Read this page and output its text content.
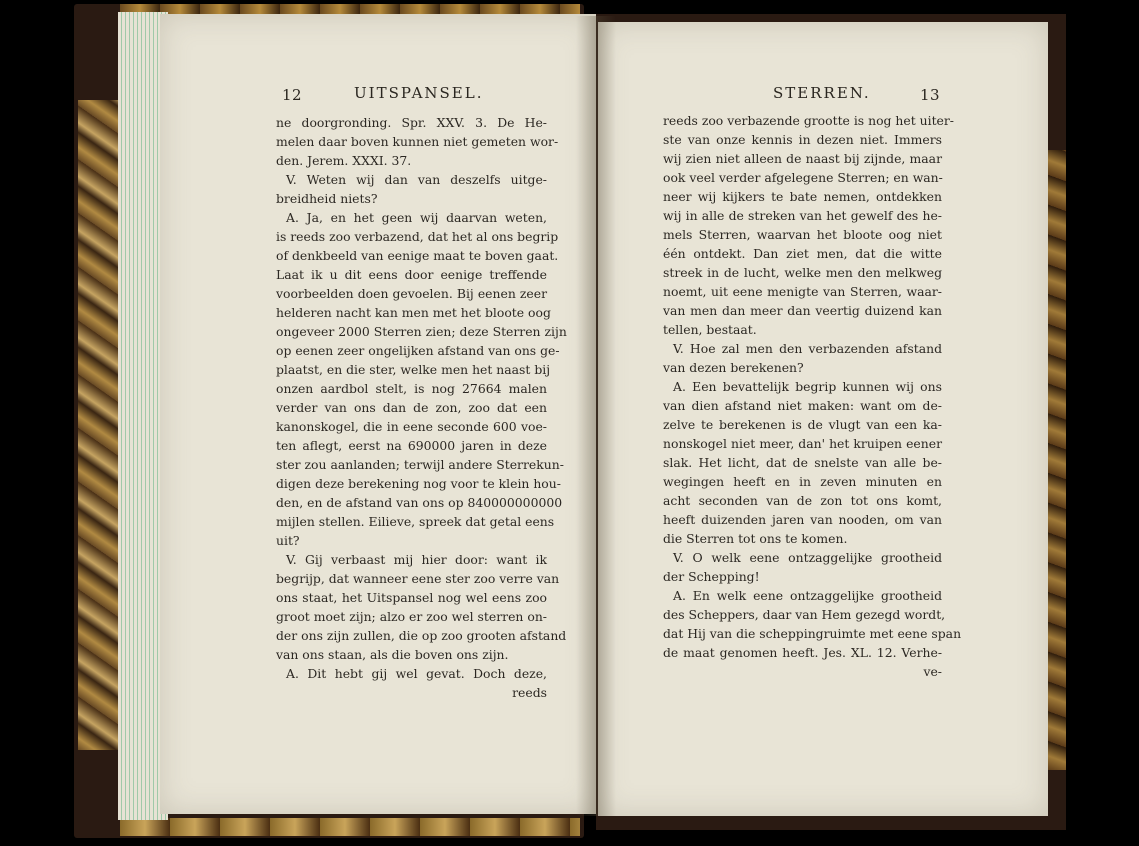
12	UITSPANSEL.	STERREN.	13
ne doorgronding. Spr. XXV. 3. De He-
melen daar boven kunnen niet gemeten wor-
den. Jerem. XXXI. 37.
V. Weten wij dan van deszelfs uitge-
breidheid niets?
A. Ja, en het geen wij daarvan weten,
is reeds zoo verbazend, dat het al ons begrip
of denkbeeld van eenige maat te boven gaat.
Laat ik u dit eens door eenige treffende
voorbeelden doen gevoelen. Bij eenen zeer
helderen nacht kan men met het bloote oog
ongeveer 2000 Sterren zien; deze Sterren zijn
op eenen zeer ongelijken afstand van ons ge-
plaatst, en die ster, welke men het naast bij
onzen aardbol stelt, is nog 27664 malen
verder van ons dan de zon, zoo dat een
kanonskogel, die in eene seconde 600 voe-
ten aflegt, eerst na 690000 jaren in deze
ster zou aanlanden; terwijl andere Sterrekun-
digen deze berekening nog voor te klein hou-
den, en de afstand van ons op 840000000000
mijlen stellen. Eilieve, spreek dat getal eens
uit?
V. Gij verbaast mij hier door: want ik
begrijp, dat wanneer eene ster zoo verre van
ons staat, het Uitspansel nog wel eens zoo
groot moet zijn; alzo er zoo wel sterren on-
der ons zijn zullen, die op zoo grooten afstand
van ons staan, als die boven ons zijn.
A. Dit hebt gij wel gevat. Doch deze,
reeds
reeds zoo verbazende grootte is nog het uiter-
ste van onze kennis in dezen niet. Immers
wij zien niet alleen de naast bij zijnde, maar
ook veel verder afgelegene Sterren; en wan-
neer wij kijkers te bate nemen, ontdekken
wij in alle de streken van het gewelf des he-
mels Sterren, waarvan het bloote oog niet
één ontdekt. Dan ziet men, dat die witte
streek in de lucht, welke men den melkweg
noemt, uit eene menigte van Sterren, waar-
van men dan meer dan veertig duizend kan
tellen, bestaat.
V. Hoe zal men den verbazenden afstand
van dezen berekenen?
A. Een bevattelijk begrip kunnen wij ons
van dien afstand niet maken: want om de-
zelve te berekenen is de vlugt van een ka-
nonskogel niet meer, dan' het kruipen eener
slak. Het licht, dat de snelste van alle be-
wegingen heeft en in zeven minuten en
acht seconden van de zon tot ons komt,
heeft duizenden jaren van nooden, om van
die Sterren tot ons te komen.
V. O welk eene ontzaggelijke grootheid
der Schepping!
A. En welk eene ontzaggelijke grootheid
des Scheppers, daar van Hem gezegd wordt,
dat Hij van die scheppingruimte met eene span
de maat genomen heeft. Jes. XL. 12. Verhe-
ve-
